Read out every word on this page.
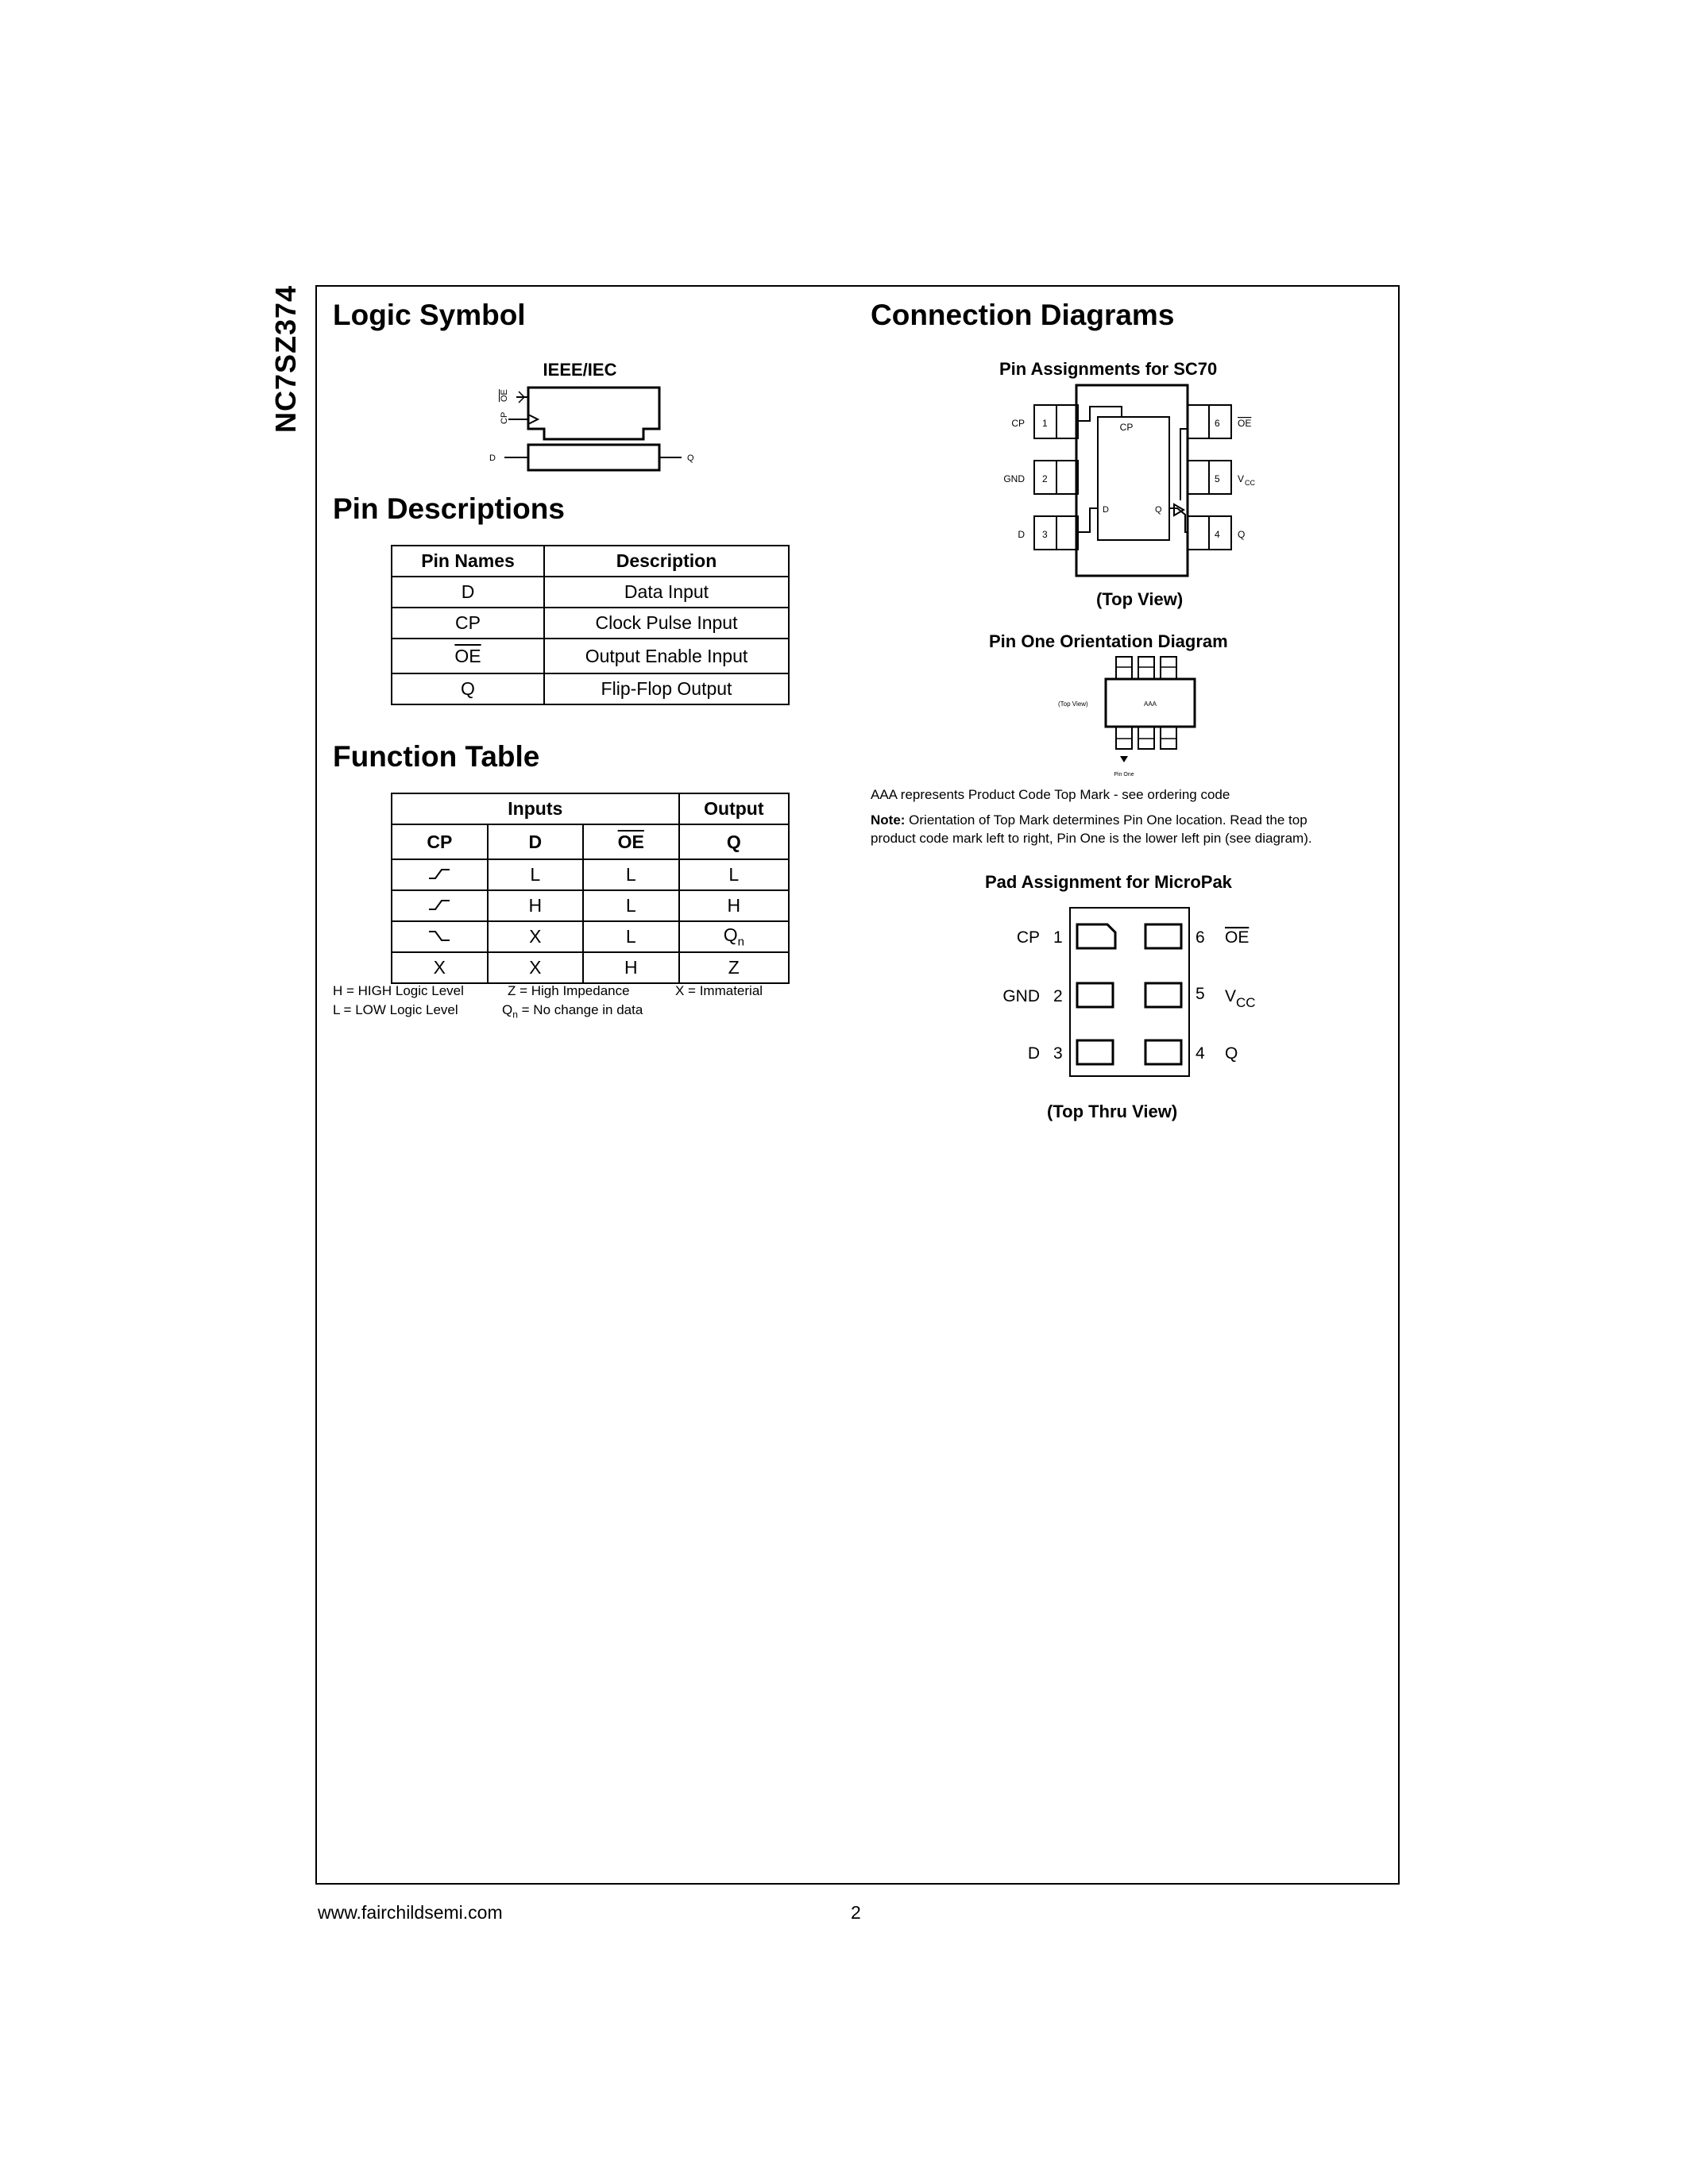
NC7SZ374 Logic Symbol
IEEE/IEC
OE
CP
D	Q
Pin Descriptions
Pin Names	Description
D	Data Input
CP	Clock Pulse Input
$\overline{OE}$	Output Enable Input
Q	Flip-Flop Output
Function Table
Inputs			Output
CP	D	$\overline{OE}$	Q
	L	L	L
	H	L	H
	X	L	$Q_n$
X	X	H	Z
H = HIGH Logic Level	Z = High Impedance	X = Immaterial
L = LOW Logic Level	$Q_n = No$ change in data
Connection Diagrams
Pin Assignments for SC70
CP 1
GND 2
D 3
6 OE
5 V CC
4 Q
CP
D	Q
(Top View)
Pin One Orientation Diagram
(Top View)	AAA
Pin One
AAA represents Product Code Top Mark - see ordering code
Note: Orientation of Top Mark determines Pin One location. Read the top
product code mark left to right, Pin One is the lower left pin (see diagram).
Pad Assignment for MicroPak
CP 1
GND 2
D 3
6 OE
5 V CC
4 Q
(Top Thru View)
www.fairchildsemi.com	2
